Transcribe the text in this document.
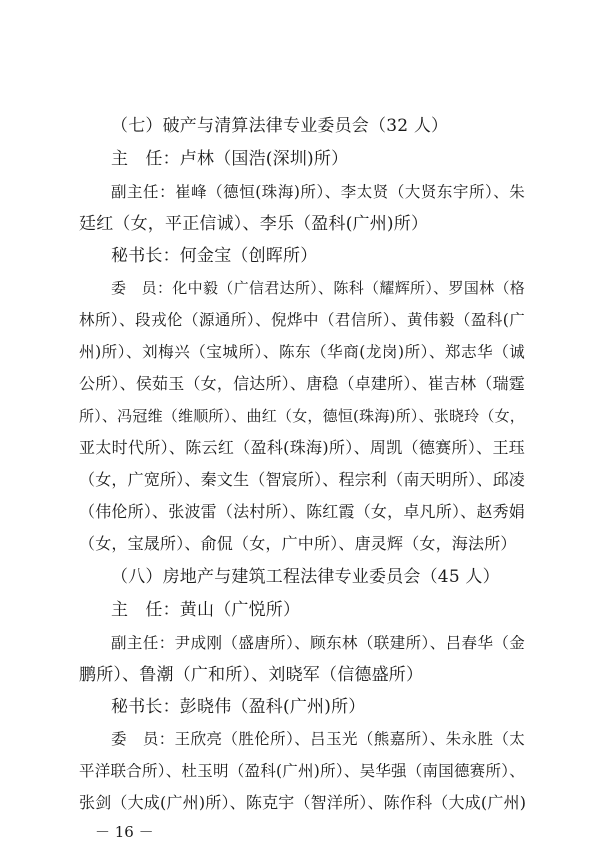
（七）破产与清算法律专业委员会（32 人）
主　任：卢林（国浩(深圳)所）
副主任：崔峰（德恒(珠海)所）、李太贤（大贤东宇所）、朱
廷红（女，平正信诚）、李乐（盈科(广州)所）
秘书长：何金宝（创晖所）
委　员：化中毅（广信君达所）、陈科（耀辉所）、罗国林（格
林所）、段戎伦（源通所）、倪烨中（君信所）、黄伟毅（盈科(广
州)所）、刘梅兴（宝城所）、陈东（华商(龙岗)所）、郑志华（诚
公所）、侯茹玉（女，信达所）、唐稳（卓建所）、崔吉林（瑞霆
所）、冯冠维（维顺所）、曲红（女，德恒(珠海)所）、张晓玲（女，
亚太时代所）、陈云红（盈科(珠海)所）、周凯（德赛所）、王珏
（女，广宽所）、秦文生（智宸所）、程宗利（南天明所）、邱凌
（伟伦所）、张波雷（法村所）、陈红霞（女，卓凡所）、赵秀娟
（女，宝晟所）、俞侃（女，广中所）、唐灵辉（女，海法所）
（八）房地产与建筑工程法律专业委员会（45 人）
主　任：黄山（广悦所）
副主任：尹成刚（盛唐所）、顾东林（联建所）、吕春华（金
鹏所）、鲁潮（广和所）、刘晓军（信德盛所）
秘书长：彭晓伟（盈科(广州)所）
委　员：王欣亮（胜伦所）、吕玉光（熊嘉所）、朱永胜（太
平洋联合所）、杜玉明（盈科(广州)所）、吴华强（南国德赛所）、
张剑（大成(广州)所）、陈克宇（智洋所）、陈作科（大成(广州)
－ 16 －
